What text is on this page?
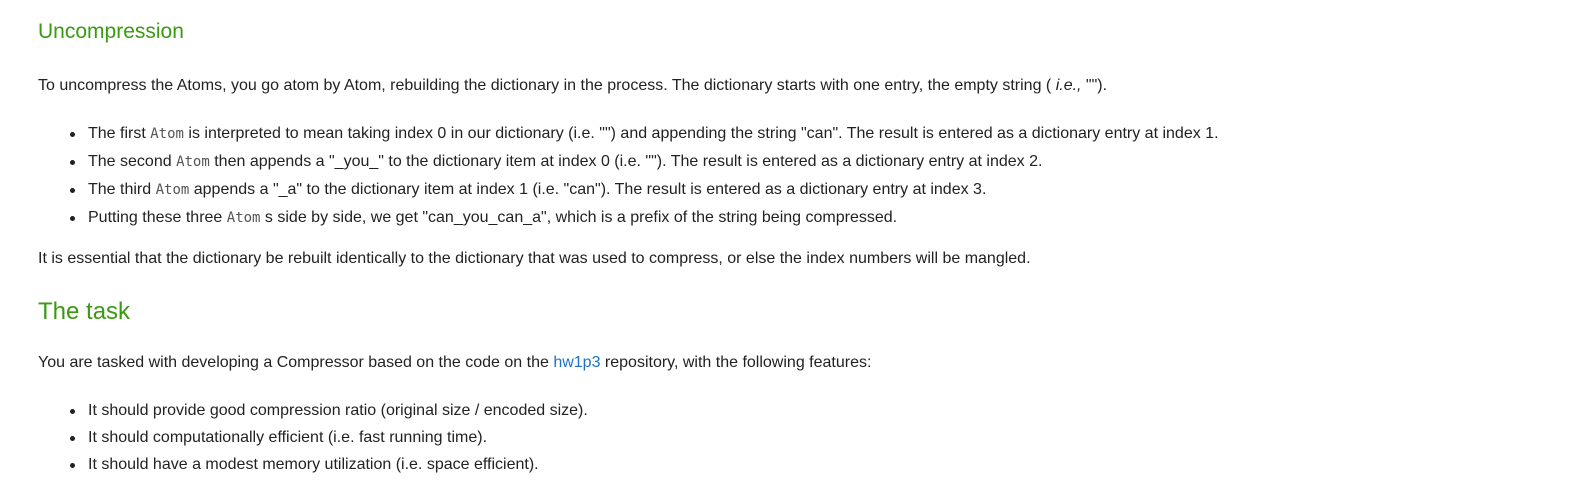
Uncompression

To uncompress the Atoms, you go atom by Atom, rebuilding the dictionary in the process. The dictionary starts with one entry, the empty string ( i.e., "").

The first Atom is interpreted to mean taking index 0 in our dictionary (i.e. "") and appending the string "can". The result is entered as a dictionary entry at index 1.
The second Atom then appends a "_you_" to the dictionary item at index 0 (i.e. ""). The result is entered as a dictionary entry at index 2.
The third Atom appends a "_a" to the dictionary item at index 1 (i.e. "can"). The result is entered as a dictionary entry at index 3.
Putting these three Atom s side by side, we get "can_you_can_a", which is a prefix of the string being compressed.

It is essential that the dictionary be rebuilt identically to the dictionary that was used to compress, or else the index numbers will be mangled.

The task

You are tasked with developing a Compressor based on the code on the hw1p3 repository, with the following features:

It should provide good compression ratio (original size / encoded size).
It should computationally efficient (i.e. fast running time).
It should have a modest memory utilization (i.e. space efficient).
